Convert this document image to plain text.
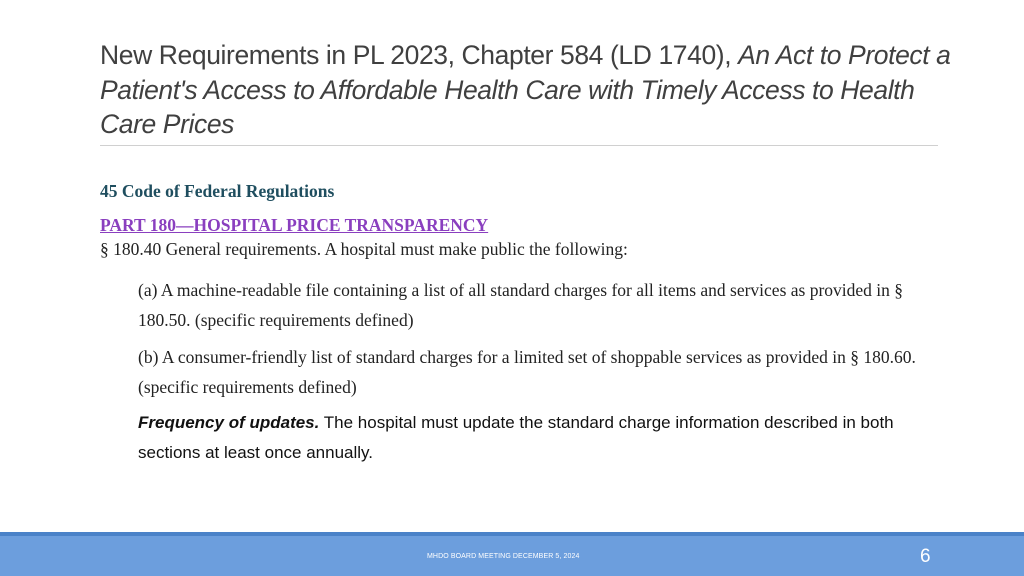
New Requirements in PL 2023, Chapter 584 (LD 1740), An Act to Protect a Patient's Access to Affordable Health Care with Timely Access to Health Care Prices
45 Code of Federal Regulations
PART 180—HOSPITAL PRICE TRANSPARENCY
§ 180.40 General requirements. A hospital must make public the following:
(a) A machine-readable file containing a list of all standard charges for all items and services as provided in § 180.50. (specific requirements defined)
(b) A consumer-friendly list of standard charges for a limited set of shoppable services as provided in § 180.60. (specific requirements defined)
Frequency of updates. The hospital must update the standard charge information described in both sections at least once annually.
MHDO BOARD MEETING DECEMBER 5, 2024	6
